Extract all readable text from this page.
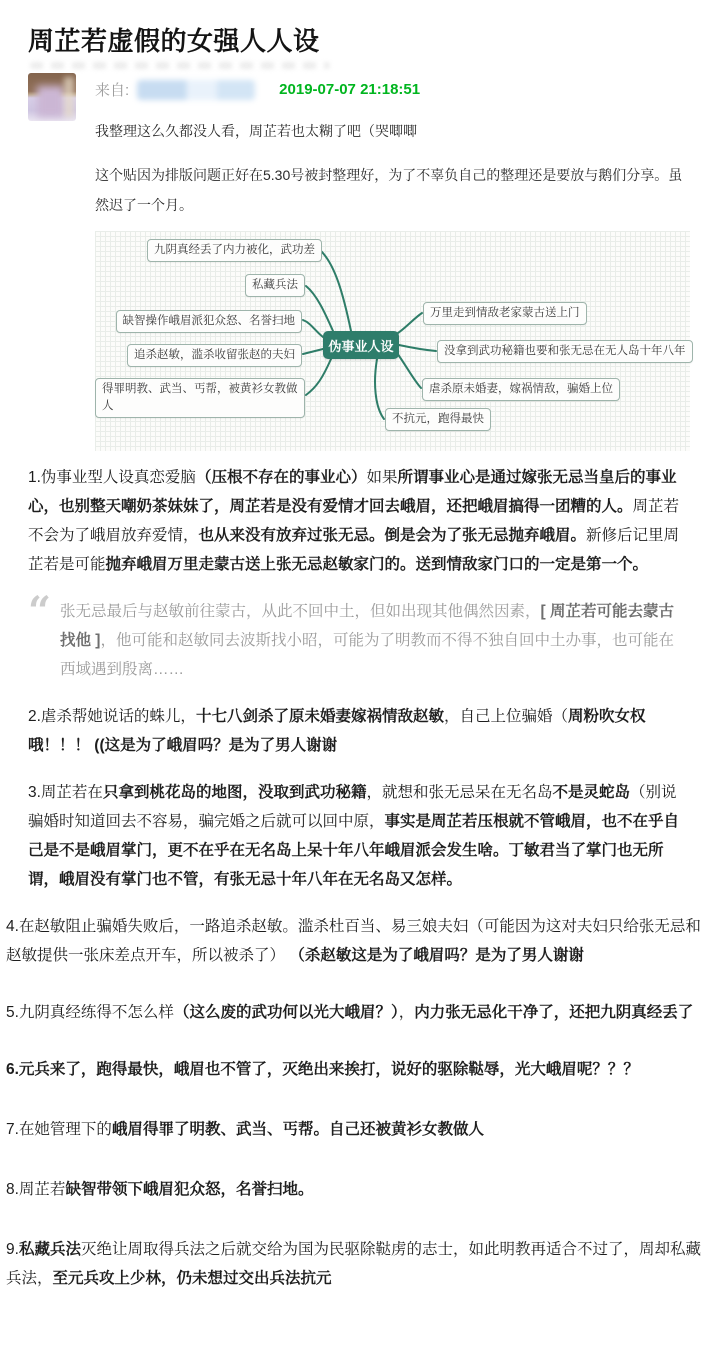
周芷若虚假的女强人人设
来自:	2019-07-07 21:18:51

我整理这么久都没人看，周芷若也太糊了吧（哭唧唧

这个贴因为排版问题正好在5.30号被封整理好，为了不辜负自己的整理还是要放与鹅们分享。虽然迟了一个月。

九阴真经丢了内力被化，武功差
私藏兵法
缺智操作峨眉派犯众怒、名誉扫地
追杀赵敏，滥杀收留张赵的夫妇
得罪明教、武当、丐帮，被黄衫女教做人
伪事业人设
万里走到情敌老家蒙古送上门
没拿到武功秘籍也要和张无忌在无人岛十年八年
虐杀原未婚妻，嫁祸情敌，骗婚上位
不抗元，跑得最快

1.伪事业型人设真恋爱脑（压根不存在的事业心）如果所谓事业心是通过嫁张无忌当皇后的事业心，也别整天嘲奶茶妹妹了，周芷若是没有爱情才回去峨眉，还把峨眉搞得一团糟的人。周芷若不会为了峨眉放弃爱情，也从来没有放弃过张无忌。倒是会为了张无忌抛弃峨眉。新修后记里周芷若是可能抛弃峨眉万里走蒙古送上张无忌赵敏家门的。送到情敌家门口的一定是第一个。

“ 张无忌最后与赵敏前往蒙古，从此不回中土，但如出现其他偶然因素，[ 周芷若可能去蒙古找他 ]，他可能和赵敏同去波斯找小昭，可能为了明教而不得不独自回中土办事，也可能在西域遇到殷离……

2.虐杀帮她说话的蛛儿，十七八剑杀了原未婚妻嫁祸情敌赵敏，自己上位骗婚（周粉吹女权哦！！！ ((这是为了峨眉吗？是为了男人谢谢

3.周芷若在只拿到桃花岛的地图，没取到武功秘籍，就想和张无忌呆在无名岛不是灵蛇岛（别说骗婚时知道回去不容易，骗完婚之后就可以回中原，事实是周芷若压根就不管峨眉，也不在乎自己是不是峨眉掌门，更不在乎在无名岛上呆十年八年峨眉派会发生啥。丁敏君当了掌门也无所谓，峨眉没有掌门也不管，有张无忌十年八年在无名岛又怎样。

4.在赵敏阻止骗婚失败后，一路追杀赵敏。滥杀杜百当、易三娘夫妇（可能因为这对夫妇只给张无忌和赵敏提供一张床差点开车，所以被杀了） （杀赵敏这是为了峨眉吗？是为了男人谢谢

5.九阴真经练得不怎么样（这么废的武功何以光大峨眉？），内力张无忌化干净了，还把九阴真经丢了

6.元兵来了，跑得最快，峨眉也不管了，灭绝出来挨打，说好的驱除鞑辱，光大峨眉呢？？？

7.在她管理下的峨眉得罪了明教、武当、丐帮。自己还被黄衫女教做人

8.周芷若缺智带领下峨眉犯众怒，名誉扫地。

9.私藏兵法灭绝让周取得兵法之后就交给为国为民驱除鞑虏的志士，如此明教再适合不过了，周却私藏兵法，至元兵攻上少林，仍未想过交出兵法抗元
